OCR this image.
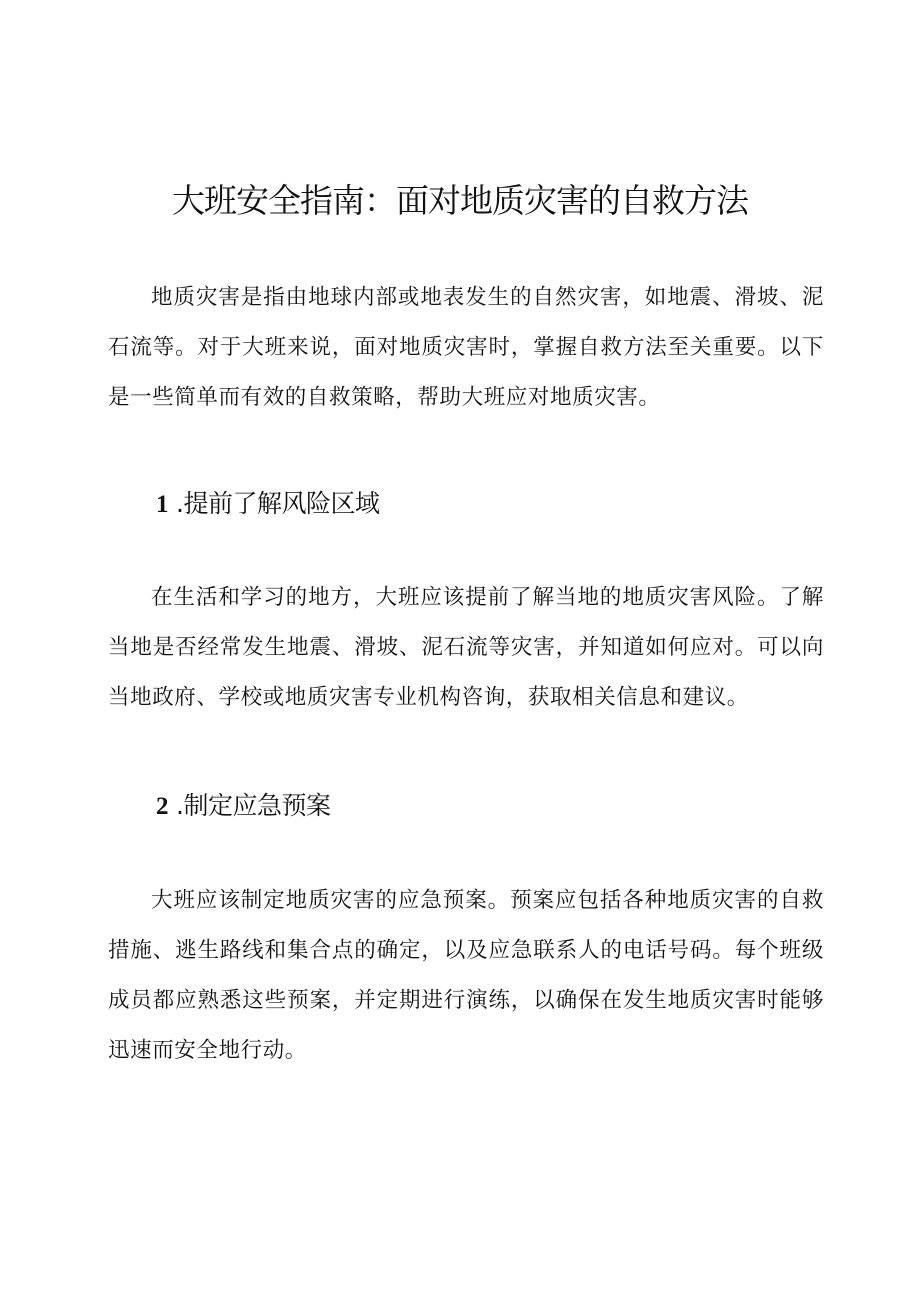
大班安全指南：面对地质灾害的自救方法

地质灾害是指由地球内部或地表发生的自然灾害，如地震、滑坡、泥石流等。对于大班来说，面对地质灾害时，掌握自救方法至关重要。以下是一些简单而有效的自救策略，帮助大班应对地质灾害。

1 .提前了解风险区域

在生活和学习的地方，大班应该提前了解当地的地质灾害风险。了解当地是否经常发生地震、滑坡、泥石流等灾害，并知道如何应对。可以向当地政府、学校或地质灾害专业机构咨询，获取相关信息和建议。

2 .制定应急预案

大班应该制定地质灾害的应急预案。预案应包括各种地质灾害的自救措施、逃生路线和集合点的确定，以及应急联系人的电话号码。每个班级成员都应熟悉这些预案，并定期进行演练，以确保在发生地质灾害时能够迅速而安全地行动。
